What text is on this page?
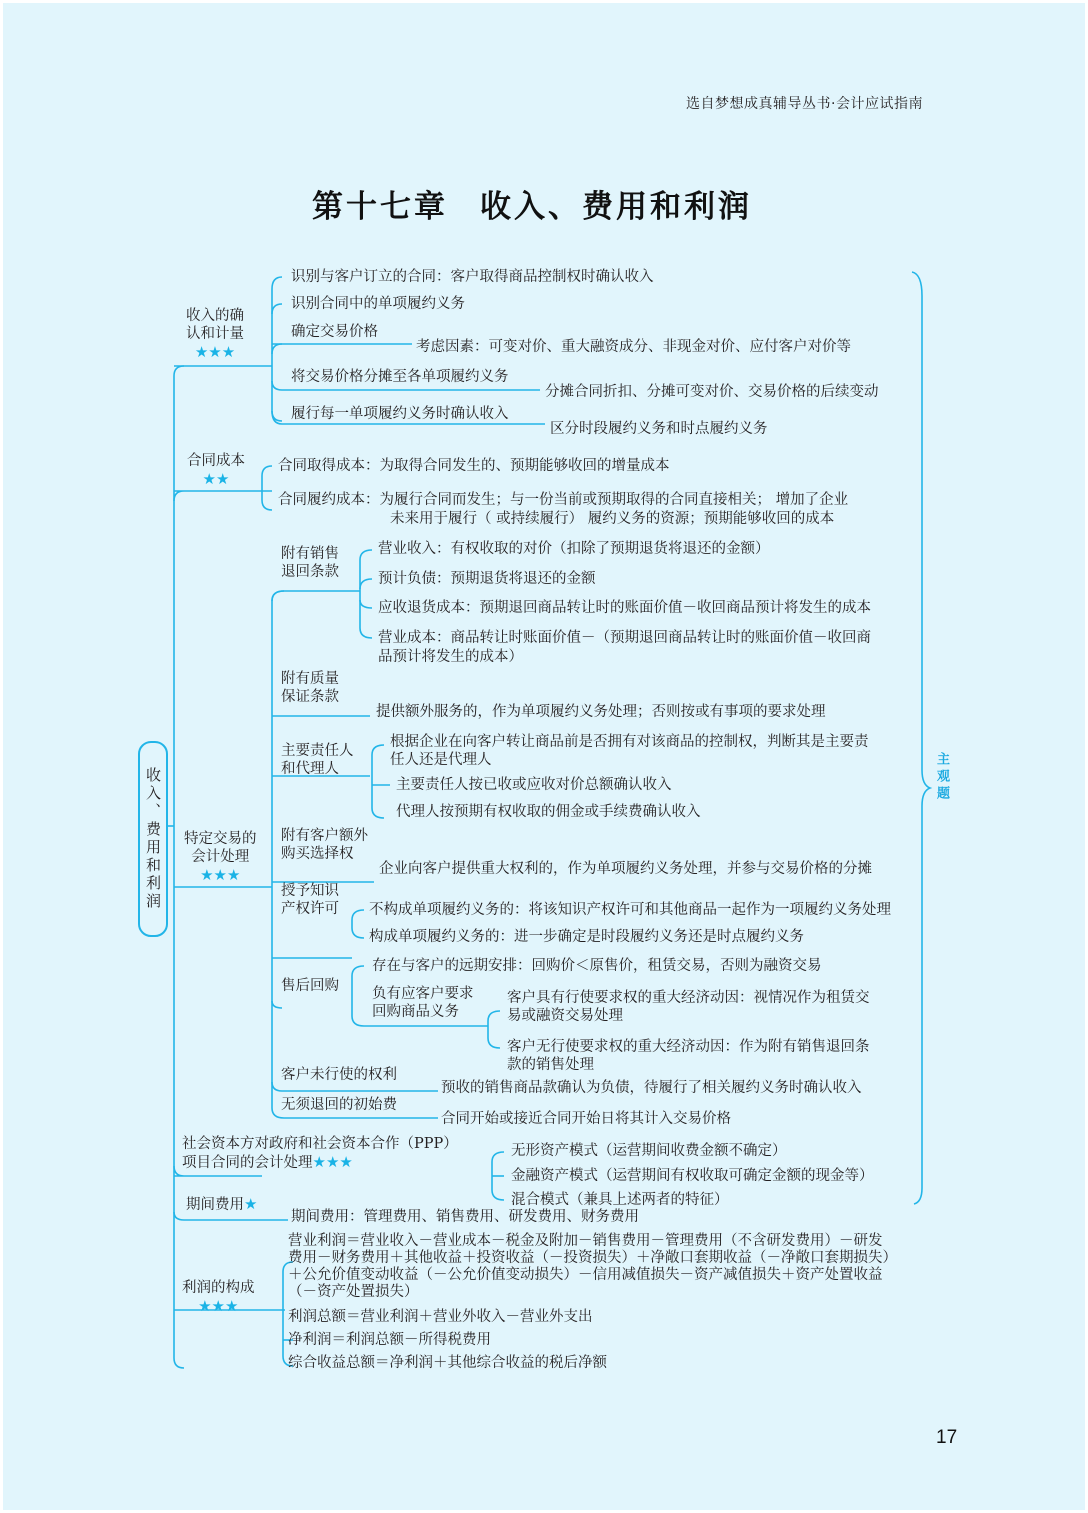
选自梦想成真辅导丛书·会计应试指南
第十七章 收入、费用和利润
收入、费用和利润
收入的确
认和计量
★★★
识别与客户订立的合同：客户取得商品控制权时确认收入
识别合同中的单项履约义务
确定交易价格
考虑因素：可变对价、重大融资成分、非现金对价、应付客户对价等
将交易价格分摊至各单项履约义务
分摊合同折扣、分摊可变对价、交易价格的后续变动
履行每一单项履约义务时确认收入
区分时段履约义务和时点履约义务
合同成本
★★
合同取得成本：为取得合同发生的、预期能够收回的增量成本
合同履约成本：为履行合同而发生；与一份当前或预期取得的合同直接相关； 增加了企业
未来用于履行（ 或持续履行） 履约义务的资源；预期能够收回的成本
特定交易的
会计处理
★★★
附有销售
退回条款
营业收入：有权收取的对价（扣除了预期退货将退还的金额）
预计负债：预期退货将退还的金额
应收退货成本：预期退回商品转让时的账面价值－收回商品预计将发生的成本
营业成本：商品转让时账面价值－（预期退回商品转让时的账面价值－收回商
品预计将发生的成本）
附有质量
保证条款
提供额外服务的，作为单项履约义务处理；否则按或有事项的要求处理
主要责任人
和代理人
根据企业在向客户转让商品前是否拥有对该商品的控制权，判断其是主要责
任人还是代理人
主要责任人按已收或应收对价总额确认收入
代理人按预期有权收取的佣金或手续费确认收入
附有客户额外
购买选择权
企业向客户提供重大权利的，作为单项履约义务处理，并参与交易价格的分摊
授予知识
产权许可 不构成单项履约义务的：将该知识产权许可和其他商品一起作为一项履约义务处理
构成单项履约义务的：进一步确定是时段履约义务还是时点履约义务
售后回购
存在与客户的远期安排：回购价＜原售价，租赁交易，否则为融资交易
负有应客户要求
回购商品义务
客户具有行使要求权的重大经济动因：视情况作为租赁交
易或融资交易处理
客户无行使要求权的重大经济动因：作为附有销售退回条
款的销售处理
客户未行使的权利
预收的销售商品款确认为负债，待履行了相关履约义务时确认收入
无须退回的初始费
合同开始或接近合同开始日将其计入交易价格
社会资本方对政府和社会资本合作（PPP）
项目合同的会计处理★★★
无形资产模式（运营期间收费金额不确定）
金融资产模式（运营期间有权收取可确定金额的现金等）
混合模式（兼具上述两者的特征）
期间费用★
期间费用：管理费用、销售费用、研发费用、财务费用
利润的构成
★★★
营业利润＝营业收入－营业成本－税金及附加－销售费用－管理费用（不含研发费用）－研发
费用－财务费用＋其他收益＋投资收益（－投资损失）＋净敞口套期收益（－净敞口套期损失）
＋公允价值变动收益（－公允价值变动损失）－信用减值损失－资产减值损失＋资产处置收益
（－资产处置损失）
利润总额＝营业利润＋营业外收入－营业外支出
净利润＝利润总额－所得税费用
综合收益总额＝净利润＋其他综合收益的税后净额
主观题
17
